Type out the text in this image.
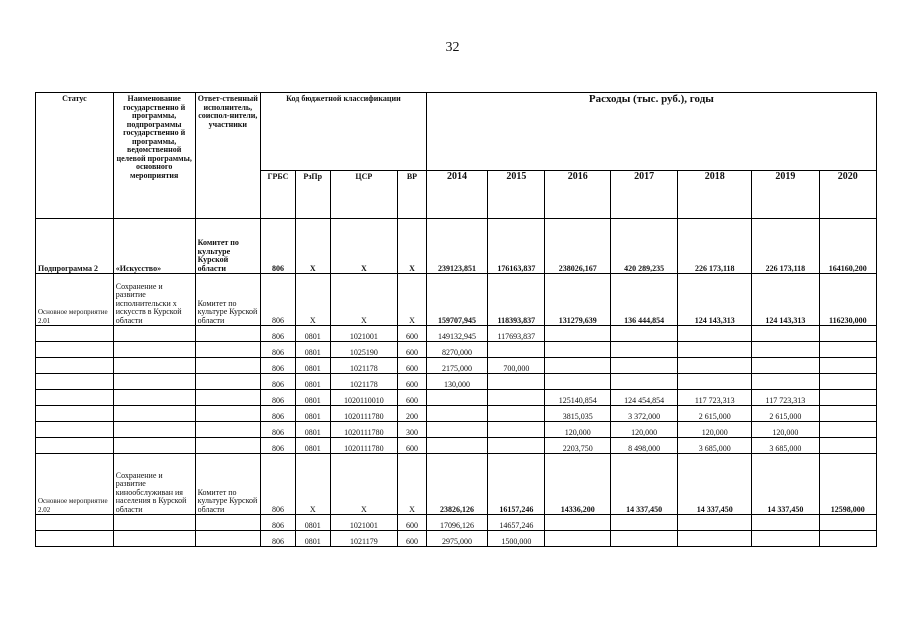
32
Статус	Наименование государственно й программы, подпрограммы государственно й программы, ведомственной целевой программы, основного мероприятия	Ответ-ственный исполнитель, соиспол-нители, участники	Код бюджетной классификации				Расходы (тыс. руб.), годы						
			ГРБС	РзПр	ЦСР	ВР	2014	2015	2016	2017	2018	2019	2020
Подпрограмма 2	«Искусство»	Комитет по культуре Курской области	806	Х	Х	Х	239123,851	176163,837	238026,167	420 289,235	226 173,118	226 173,118	164160,200
Основное мероприятие 2.01	Сохранение и развитие исполнительски х искусств в Курской области	Комитет по культуре Курской области	806	Х	Х	Х	159707,945	118393,837	131279,639	136 444,854	124 143,313	124 143,313	116230,000
			806	0801	1021001	600	149132,945	117693,837					
			806	0801	1025190	600	8270,000						
			806	0801	1021178	600	2175,000	700,000					
			806	0801	1021178	600	130,000						
			806	0801	1020110010	600			125140,854	124 454,854	117 723,313	117 723,313	
			806	0801	1020111780	200			3815,035	3 372,000	2 615,000	2 615,000	
			806	0801	1020111780	300			120,000	120,000	120,000	120,000	
			806	0801	1020111780	600			2203,750	8 498,000	3 685,000	3 685,000	
Основное мероприятие 2.02	Сохранение и развитие кинообслуживан ия населения в Курской области	Комитет по культуре Курской области	806	Х	Х	Х	23826,126	16157,246	14336,200	14 337,450	14 337,450	14 337,450	12598,000
			806	0801	1021001	600	17096,126	14657,246					
			806	0801	1021179	600	2975,000	1500,000					
